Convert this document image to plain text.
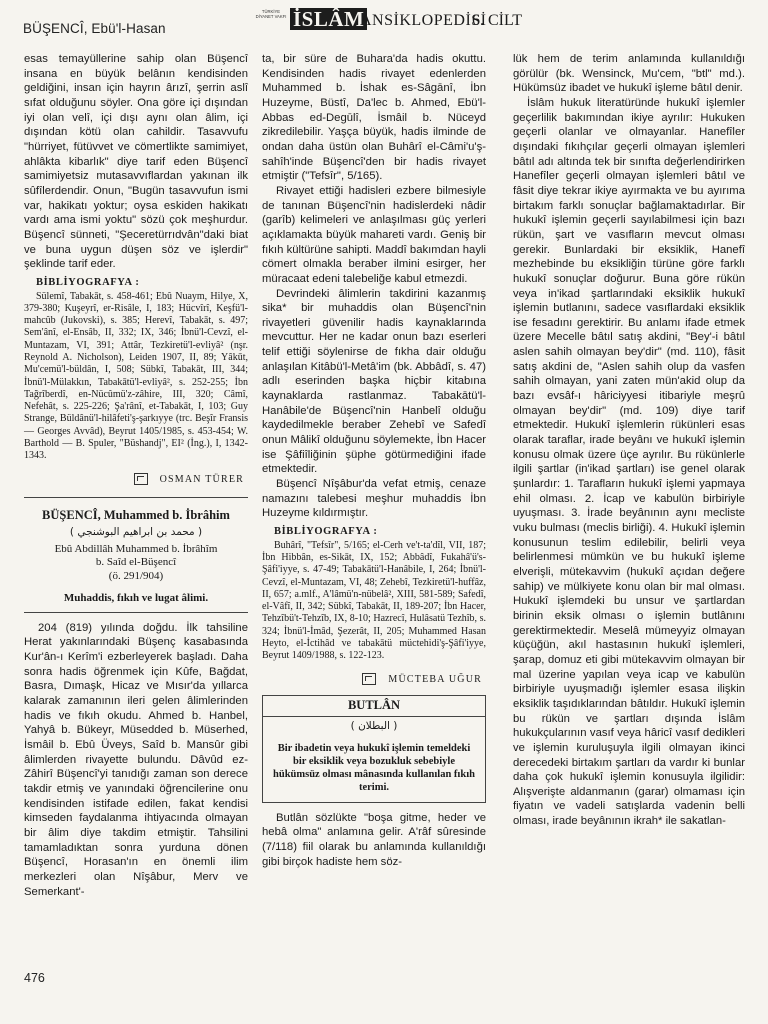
BÜŞENCÎ, Ebü'l-Hasan
TÜRKİYE DİYANET VAKFI İSLÂM
ANSİKLOPEDİSİ
6. CİLT

esas temayüllerine sahip olan Büşencî insana en büyük belânın kendisinden geldiğini, insan için hayrın ârızî, şerrin aslî sıfat olduğunu söyler. Ona göre içi dışından iyi olan velî, içi dışı aynı olan âlim, içi dışından kötü olan cahildir. Tasavvufu "hürriyet, fütüvvet ve cömertlikte samimiyet, ahlâkta kibarlık" diye tarif eden Büşencî samimiyetsiz mutasavvıflardan yakınan ilk sûfîlerdendir. Onun, "Bugün tasavvufun ismi var, hakikatı yoktur; oysa eskiden hakikatı vardı ama ismi yoktu" sözü çok meşhurdur. Büşencî sünneti, "Şeceretürrıdvân"daki biat ve buna uygun düşen söz ve işlerdir" şeklinde tarif eder.

BİBLİYOGRAFYA :

Sülemî, Tabakāt, s. 458-461; Ebû Nuaym, Hilye, X, 379-380; Kuşeyrî, er-Risâle, I, 183; Hücvîrî, Keşfü'l-mahcûb (Jukovski), s. 385; Herevî, Tabakāt, s. 497; Sem'ânî, el-Ensâb, II, 332; IX, 346; İbnü'l-Cevzî, el-Muntazam, VI, 391; Attâr, Tezkiretü'l-evliyâ² (nşr. Reynold A. Nicholson), Leiden 1907, II, 89; Yâkūt, Mu'cemü'l-büldân, I, 508; Sübkî, Tabakāt, III, 344; İbnü'l-Mülakkın, Tabakātü'l-evliyâ², s. 252-255; İbn Tağrîberdî, en-Nücûmü'z-zâhire, III, 320; Câmî, Nefehât, s. 225-226; Şa'rânî, et-Tabakāt, I, 103; Guy Strange, Büldânü'l-hilâfeti'ş-şarkıyye (trc. Beşîr Fransis — Georges Avvâd), Beyrut 1405/1985, s. 453-454; W. Barthold — B. Spuler, "Büshandj", EI² (İng.), I, 1342-1343.

OSMAN TÜRER
BÜŞENCÎ, Muhammed b. İbrâhim
( محمد بن ابراهيم البوشنجي )
Ebû Abdillâh Muhammed b. İbrâhîm
b. Saîd el-Büşencî
(ö. 291/904)
Muhaddis, fıkıh ve lugat âlimi.

204 (819) yılında doğdu. İlk tahsiline Herat yakınlarındaki Büşenç kasabasında Kur'ân-ı Kerîm'i ezberleyerek başladı. Daha sonra hadis öğrenmek için Kûfe, Bağdat, Basra, Dımaşk, Hicaz ve Mısır'da yıllarca kalarak zamanının ileri gelen âlimlerinden hadis ve fıkıh okudu. Ahmed b. Hanbel, Yahyâ b. Bükeyr, Müsedded b. Müserhed, İsmâil b. Ebû Üveys, Saîd b. Mansûr gibi âlimlerden rivayette bulundu. Dâvûd ez-Zâhirî Büşencî'yi tanıdığı zaman son derece takdir etmiş ve yanındaki öğrencilerine onu kendisinden istifade edilen, fakat kendisi kimseden faydalanma ihtiyacında olmayan bir âlim diye takdim etmiştir. Tahsilini tamamladıktan sonra yurduna dönen Büşencî, Horasan'ın en önemli ilim merkezleri olan Nîşâbur, Merv ve Semerkant'-

ta, bir süre de Buhara'da hadis okuttu. Kendisinden hadis rivayet edenlerden Muhammed b. İshak es-Sâgānî, İbn Huzeyme, Büstî, Da'lec b. Ahmed, Ebü'l-Abbas ed-Degūlî, İsmâil b. Nüceyd zikredilebilir. Yaşça büyük, hadis ilminde de ondan daha üstün olan Buhârî el-Câmi'u'ş-sahîh'inde Büşencî'den bir hadis rivayet etmiştir ("Tefsîr", 5/165).

Rivayet ettiği hadisleri ezbere bilmesiyle de tanınan Büşencî'nin hadislerdeki nâdir (garîb) kelimeleri ve anlaşılması güç yerleri açıklamakta büyük mahareti vardı. Geniş bir fıkıh kültürüne sahipti. Maddî bakımdan hayli cömert olmakla beraber ilmini esirger, her müracaat edeni talebeliğe kabul etmezdi.

Devrindeki âlimlerin takdirini kazanmış sika* bir muhaddis olan Büşencî'nin rivayetleri güvenilir hadis kaynaklarında mevcuttur. Her ne kadar onun bazı eserleri telif ettiği söylenirse de fıkha dair olduğu anlaşılan Kitâbü'l-Metâ'im (bk. Abbâdî, s. 47) adlı eserinden başka hiçbir kitabına kaynaklarda rastlanmaz. Tabakātü'l-Hanâbile'de Büşencî'nin Hanbelî olduğu kaydedilmekle beraber Zehebî ve Safedî onun Mâlikî olduğunu söylemekte, İbn Hacer ise Şâfiîliğinin şüphe götürmediğini ifade etmektedir.

Büşencî Nîşâbur'da vefat etmiş, cenaze namazını talebesi meşhur muhaddis İbn Huzeyme kıldırmıştır.

BİBLİYOGRAFYA :

Buhârî, "Tefsîr", 5/165; el-Cerh ve't-ta'dîl, VII, 187; İbn Hibbân, es-Sikāt, IX, 152; Abbâdî, Fukahâ'ü's-Şâfi'iyye, s. 47-49; Tabakātü'l-Hanâbile, I, 264; İbnü'l-Cevzî, el-Muntazam, VI, 48; Zehebî, Tezkiretü'l-huffâz, II, 657; a.mlf., A'lâmü'n-nübelâ², XIII, 581-589; Safedî, el-Vâfî, II, 342; Sübkî, Tabakāt, II, 189-207; İbn Hacer, Tehzîbü't-Tehzîb, IX, 8-10; Hazrecî, Hulâsatü Tezhîb, s. 324; İbnü'l-İmâd, Şezerât, II, 205; Muhammed Hasan Heyto, el-İctihâd ve tabakātü müctehidi'ş-Şâfi'iyye, Beyrut 1409/1988, s. 122-123.

MÜCTEBA UĞUR
BUTLÂN
( البطلان )
Bir ibadetin veya hukukî işlemin temeldeki bir eksiklik veya bozukluk sebebiyle hükümsüz olması mânasında kullanılan fıkıh terimi.

Butlân sözlükte "boşa gitme, heder ve hebâ olma" anlamına gelir. A'râf sûresinde (7/118) fiil olarak bu anlamında kullanıldığı gibi birçok hadiste hem söz-

lük hem de terim anlamında kullanıldığı görülür (bk. Wensinck, Mu'cem, "btl" md.). Hükümsüz ibadet ve hukukî işleme bâtıl denir.

İslâm hukuk literatüründe hukukî işlemler geçerlilik bakımından ikiye ayrılır: Hukuken geçerli olanlar ve olmayanlar. Hanefîler dışındaki fıkıhçılar geçerli olmayan işlemleri bâtıl adı altında tek bir sınıfta değerlendirirken Hanefîler geçerli olmayan işlemleri bâtıl ve fâsit diye tekrar ikiye ayırmakta ve bu ayırıma birtakım farklı sonuçlar bağlamaktadırlar. Bir hukukî işlemin geçerli sayılabilmesi için bazı rükün, şart ve vasıfların mevcut olması gerekir. Bunlardaki bir eksiklik, Hanefî mezhebinde bu eksikliğin türüne göre farklı hukukî sonuçlar doğurur. Buna göre rükün veya in'ikad şartlarındaki eksiklik hukukî işlemin butlanını, sadece vasıflardaki eksiklik ise fesadını gerektirir. Bu anlamı ifade etmek üzere Mecelle bâtıl satış akdini, "Bey'-i bâtıl aslen sahih olmayan bey'dir" (md. 110), fâsit satış akdini de, "Aslen sahih olup da vasfen sahih olmayan, yani zaten mün'akid olup da bazı evsâf-ı hâriciyyesi itibariyle meşrû olmayan bey'dir" (md. 109) diye tarif etmektedir. Hukukî işlemlerin rükünleri esas olarak taraflar, irade beyânı ve hukukî işlemin konusu olmak üzere üçe ayrılır. Bu rükünlerle ilgili şartlar (in'ikad şartları) ise genel olarak şunlardır: 1. Tarafların hukukî işlemi yapmaya ehil olması. 2. İcap ve kabulün birbiriyle uyuşması. 3. İrade beyânının aynı mecliste vuku bulması (meclis birliği). 4. Hukukî işlemin konusunun teslim edilebilir, belirli veya belirlenmesi mümkün ve bu hukukî işleme elverişli, mütekavvim (hukukî açıdan değere sahip) ve mülkiyete konu olan bir mal olması. Hukukî işlemdeki bu unsur ve şartlardan birinin eksik olması o işlemin butlânını gerektirmektedir. Meselâ mümeyyiz olmayan küçüğün, akıl hastasının hukukî işlemleri, şarap, domuz eti gibi mütekavvim olmayan bir mal üzerine yapılan veya icap ve kabulün birbiriyle uyuşmadığı işlemler esasa ilişkin eksiklik taşıdıklarından bâtıldır. Hukukî işlemin bu rükün ve şartları dışında İslâm hukukçularının vasıf veya hâricî vasıf dedikleri ve işlemin kuruluşuyla ilgili olmayan ikinci derecedeki birtakım şartları da vardır ki bunlar daha çok hukukî işlemin konusuyla ilgilidir: Alışverişte aldanmanın (garar) olmaması için fiyatın ve vadeli satışlarda vadenin belli olması, irade beyânının ikrah* ile sakatlan-

476
